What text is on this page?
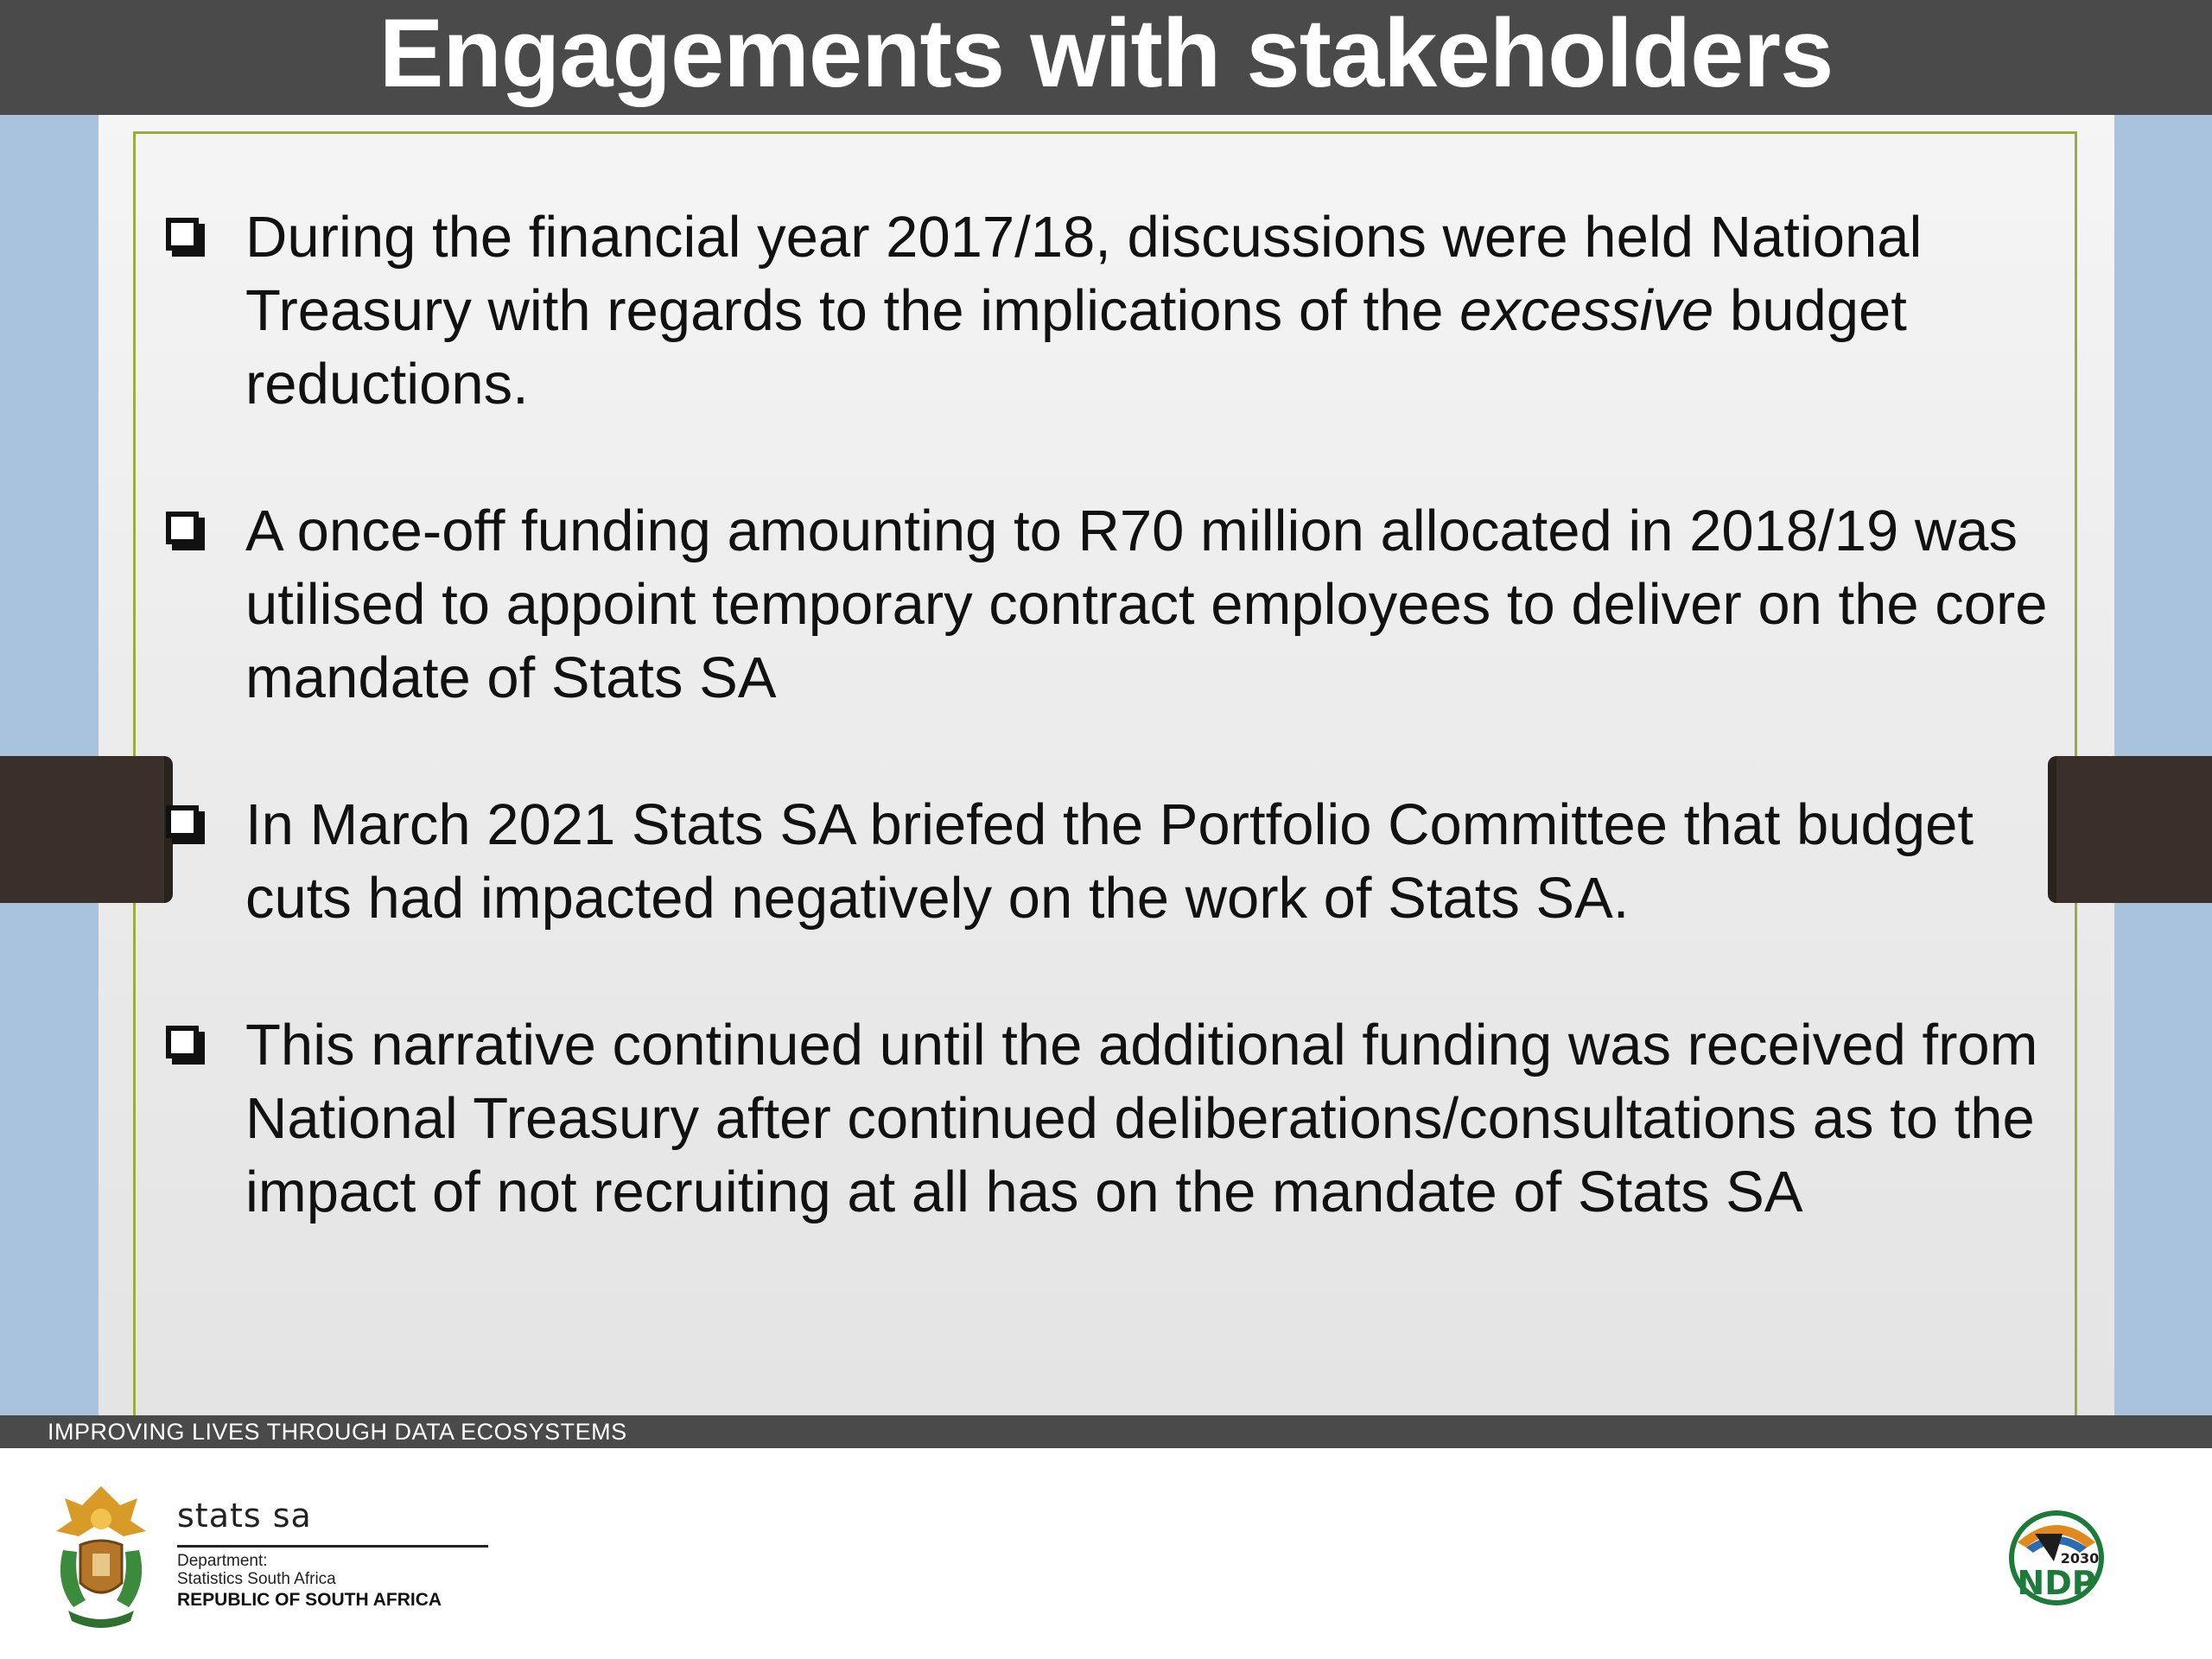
Engagements with stakeholders
During the financial year 2017/18, discussions were held National Treasury with regards to the implications of the excessive budget reductions.
A once-off funding amounting to R70 million allocated in 2018/19 was utilised to appoint temporary contract employees to deliver on the core mandate of Stats SA
In March 2021 Stats SA briefed the Portfolio Committee that budget cuts had impacted negatively on the work of Stats SA.
This narrative continued until the additional funding was received from National Treasury after continued deliberations/consultations as to the impact of not recruiting at all has on the mandate of Stats SA
IMPROVING LIVES THROUGH DATA ECOSYSTEMS
stats sa
Department:
Statistics South Africa
REPUBLIC OF SOUTH AFRICA
2030
NDP
